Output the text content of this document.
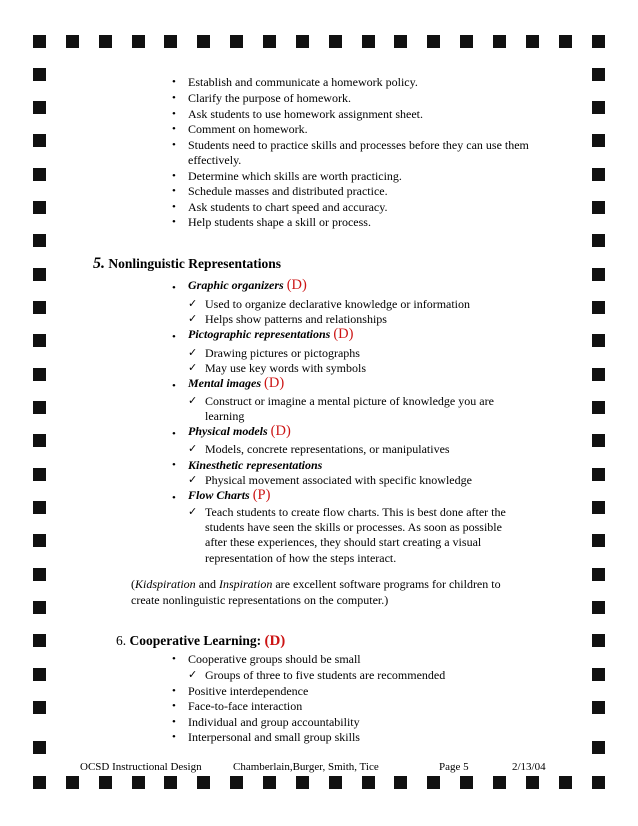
• Establish and communicate a homework policy.
• Clarify the purpose of homework.
• Ask students to use homework assignment sheet.
• Comment on homework.
• Students need to practice skills and processes before they can use them
effectively.
• Determine which skills are worth practicing.
• Schedule masses and distributed practice.
• Ask students to chart speed and accuracy.
• Help students shape a skill or process.
5. Nonlinguistic Representations
• Graphic organizers (D)
✓ Used to organize declarative knowledge or information
✓ Helps show patterns and relationships
• Pictographic representations (D)
✓ Drawing pictures or pictographs
✓ May use key words with symbols
• Mental images (D)
✓ Construct or imagine a mental picture of knowledge you are
learning
• Physical models (D)
✓ Models, concrete representations, or manipulatives
• Kinesthetic representations
✓ Physical movement associated with specific knowledge
• Flow Charts (P)
✓ Teach students to create flow charts. This is best done after the
students have seen the skills or processes. As soon as possible
after these experiences, they should start creating a visual
representation of how the steps interact.
(Kidspiration and Inspiration are excellent software programs for children to
create nonlinguistic representations on the computer.)
6. Cooperative Learning: (D)
• Cooperative groups should be small
✓ Groups of three to five students are recommended
• Positive interdependence
• Face-to-face interaction
• Individual and group accountability
• Interpersonal and small group skills
OCSD Instructional Design	Chamberlain,Burger, Smith, Tice	Page 5	2/13/04
